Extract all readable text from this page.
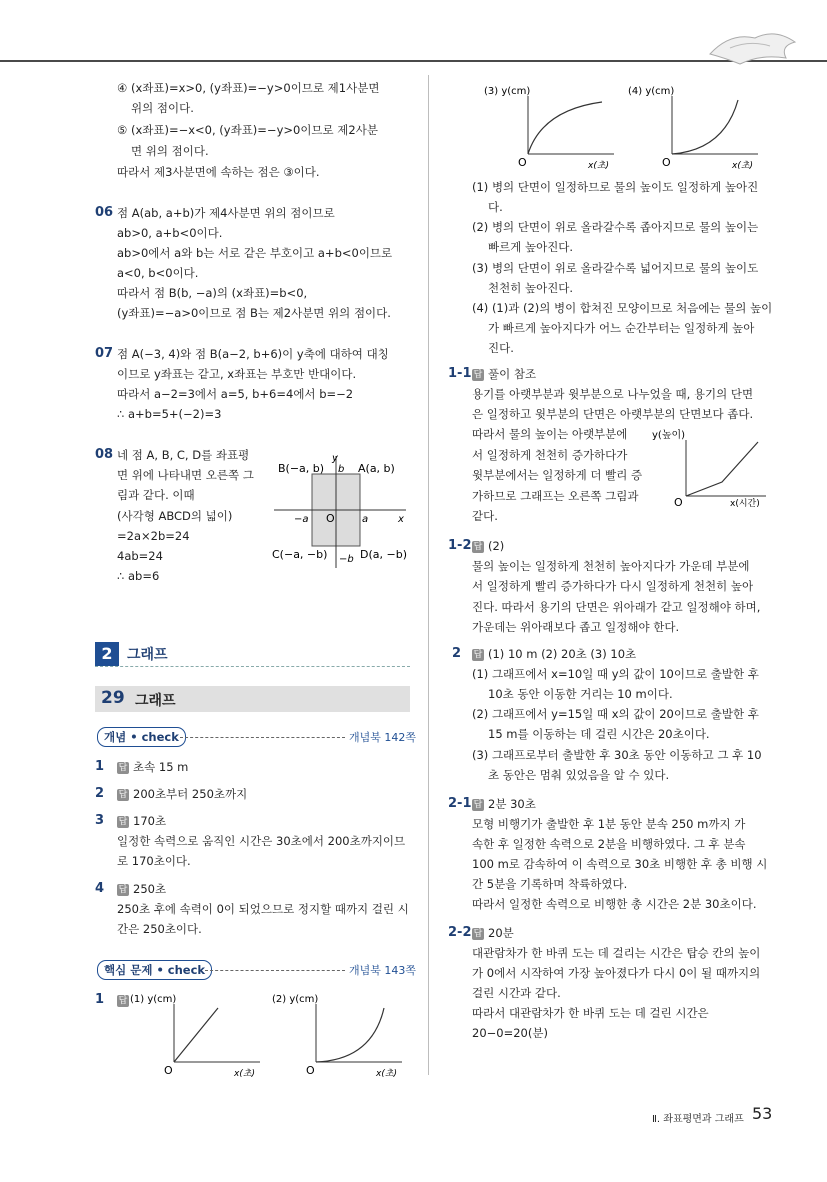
④ (x좌표)=x>0, (y좌표)=−y>0이므로 제1사분면
위의 점이다.
⑤ (x좌표)=−x<0, (y좌표)=−y>0이므로 제2사분
면 위의 점이다.
따라서 제3사분면에 속하는 점은 ③이다.
06 점 A(ab, a+b)가 제4사분면 위의 점이므로
ab>0, a+b<0이다.
ab>0에서 a와 b는 서로 같은 부호이고 a+b<0이므로
a<0, b<0이다.
따라서 점 B(b, −a)의 (x좌표)=b<0,
(y좌표)=−a>0이므로 점 B는 제2사분면 위의 점이다.
07 점 A(−3, 4)와 점 B(a−2, b+6)이 y축에 대하여 대칭
이므로 y좌표는 같고, x좌표는 부호만 반대이다.
따라서 a−2=3에서 a=5, b+6=4에서 b=−2
∴ a+b=5+(−2)=3
08 네 점 A, B, C, D를 좌표평
면 위에 나타내면 오른쪽 그
림과 같다. 이때
(사각형 ABCD의 넓이)
=2a×2b=24
4ab=24
∴ ab=6
y
x
O
B(−a, b)	A(a, b)
C(−a, −b)	D(a, −b)
−a	a
b
−b
2	그래프
29 그래프
개념 • check	개념북 142쪽
1 답 초속 15 m
2 답 200초부터 250초까지
3 답 170초
일정한 속력으로 움직인 시간은 30초에서 200초까지이므
로 170초이다.
4 답 250초
250초 후에 속력이 0이 되었으므로 정지할 때까지 걸린 시
간은 250초이다.
핵심 문제 • check	개념북 143쪽
1 답 (1) y(cm)
O	x(초)
(2) y(cm)
O	x(초)
(3) y(cm)
O	x(초)
(4) y(cm)
O	x(초)
(1) 병의 단면이 일정하므로 물의 높이도 일정하게 높아진
다.
(2) 병의 단면이 위로 올라갈수록 좁아지므로 물의 높이는
빠르게 높아진다.
(3) 병의 단면이 위로 올라갈수록 넓어지므로 물의 높이도
천천히 높아진다.
(4) (1)과 (2)의 병이 합쳐진 모양이므로 처음에는 물의 높이
가 빠르게 높아지다가 어느 순간부터는 일정하게 높아
진다.
1-1 답 풀이 참조
용기를 아랫부분과 윗부분으로 나누었을 때, 용기의 단면
은 일정하고 윗부분의 단면은 아랫부분의 단면보다 좁다.
따라서 물의 높이는 아랫부분에
서 일정하게 천천히 증가하다가
윗부분에서는 일정하게 더 빨리 증
가하므로 그래프는 오른쪽 그림과
같다.
y(높이)
O	x(시간)
1-2 답 (2)
물의 높이는 일정하게 천천히 높아지다가 가운데 부분에
서 일정하게 빨리 증가하다가 다시 일정하게 천천히 높아
진다. 따라서 용기의 단면은 위아래가 같고 일정해야 하며,
가운데는 위아래보다 좁고 일정해야 한다.
2 답 (1) 10 m (2) 20초 (3) 10초
(1) 그래프에서 x=10일 때 y의 값이 10이므로 출발한 후
10초 동안 이동한 거리는 10 m이다.
(2) 그래프에서 y=15일 때 x의 값이 20이므로 출발한 후
15 m를 이동하는 데 걸린 시간은 20초이다.
(3) 그래프로부터 출발한 후 30초 동안 이동하고 그 후 10
초 동안은 멈춰 있었음을 알 수 있다.
2-1 답 2분 30초
모형 비행기가 출발한 후 1분 동안 분속 250 m까지 가
속한 후 일정한 속력으로 2분을 비행하였다. 그 후 분속
100 m로 감속하여 이 속력으로 30초 비행한 후 총 비행 시
간 5분을 기록하며 착륙하였다.
따라서 일정한 속력으로 비행한 총 시간은 2분 30초이다.
2-2 답 20분
대관람차가 한 바퀴 도는 데 걸리는 시간은 탑승 칸의 높이
가 0에서 시작하여 가장 높아졌다가 다시 0이 될 때까지의
걸린 시간과 같다.
따라서 대관람차가 한 바퀴 도는 데 걸린 시간은
20−0=20(분)
Ⅱ. 좌표평면과 그래프 53
